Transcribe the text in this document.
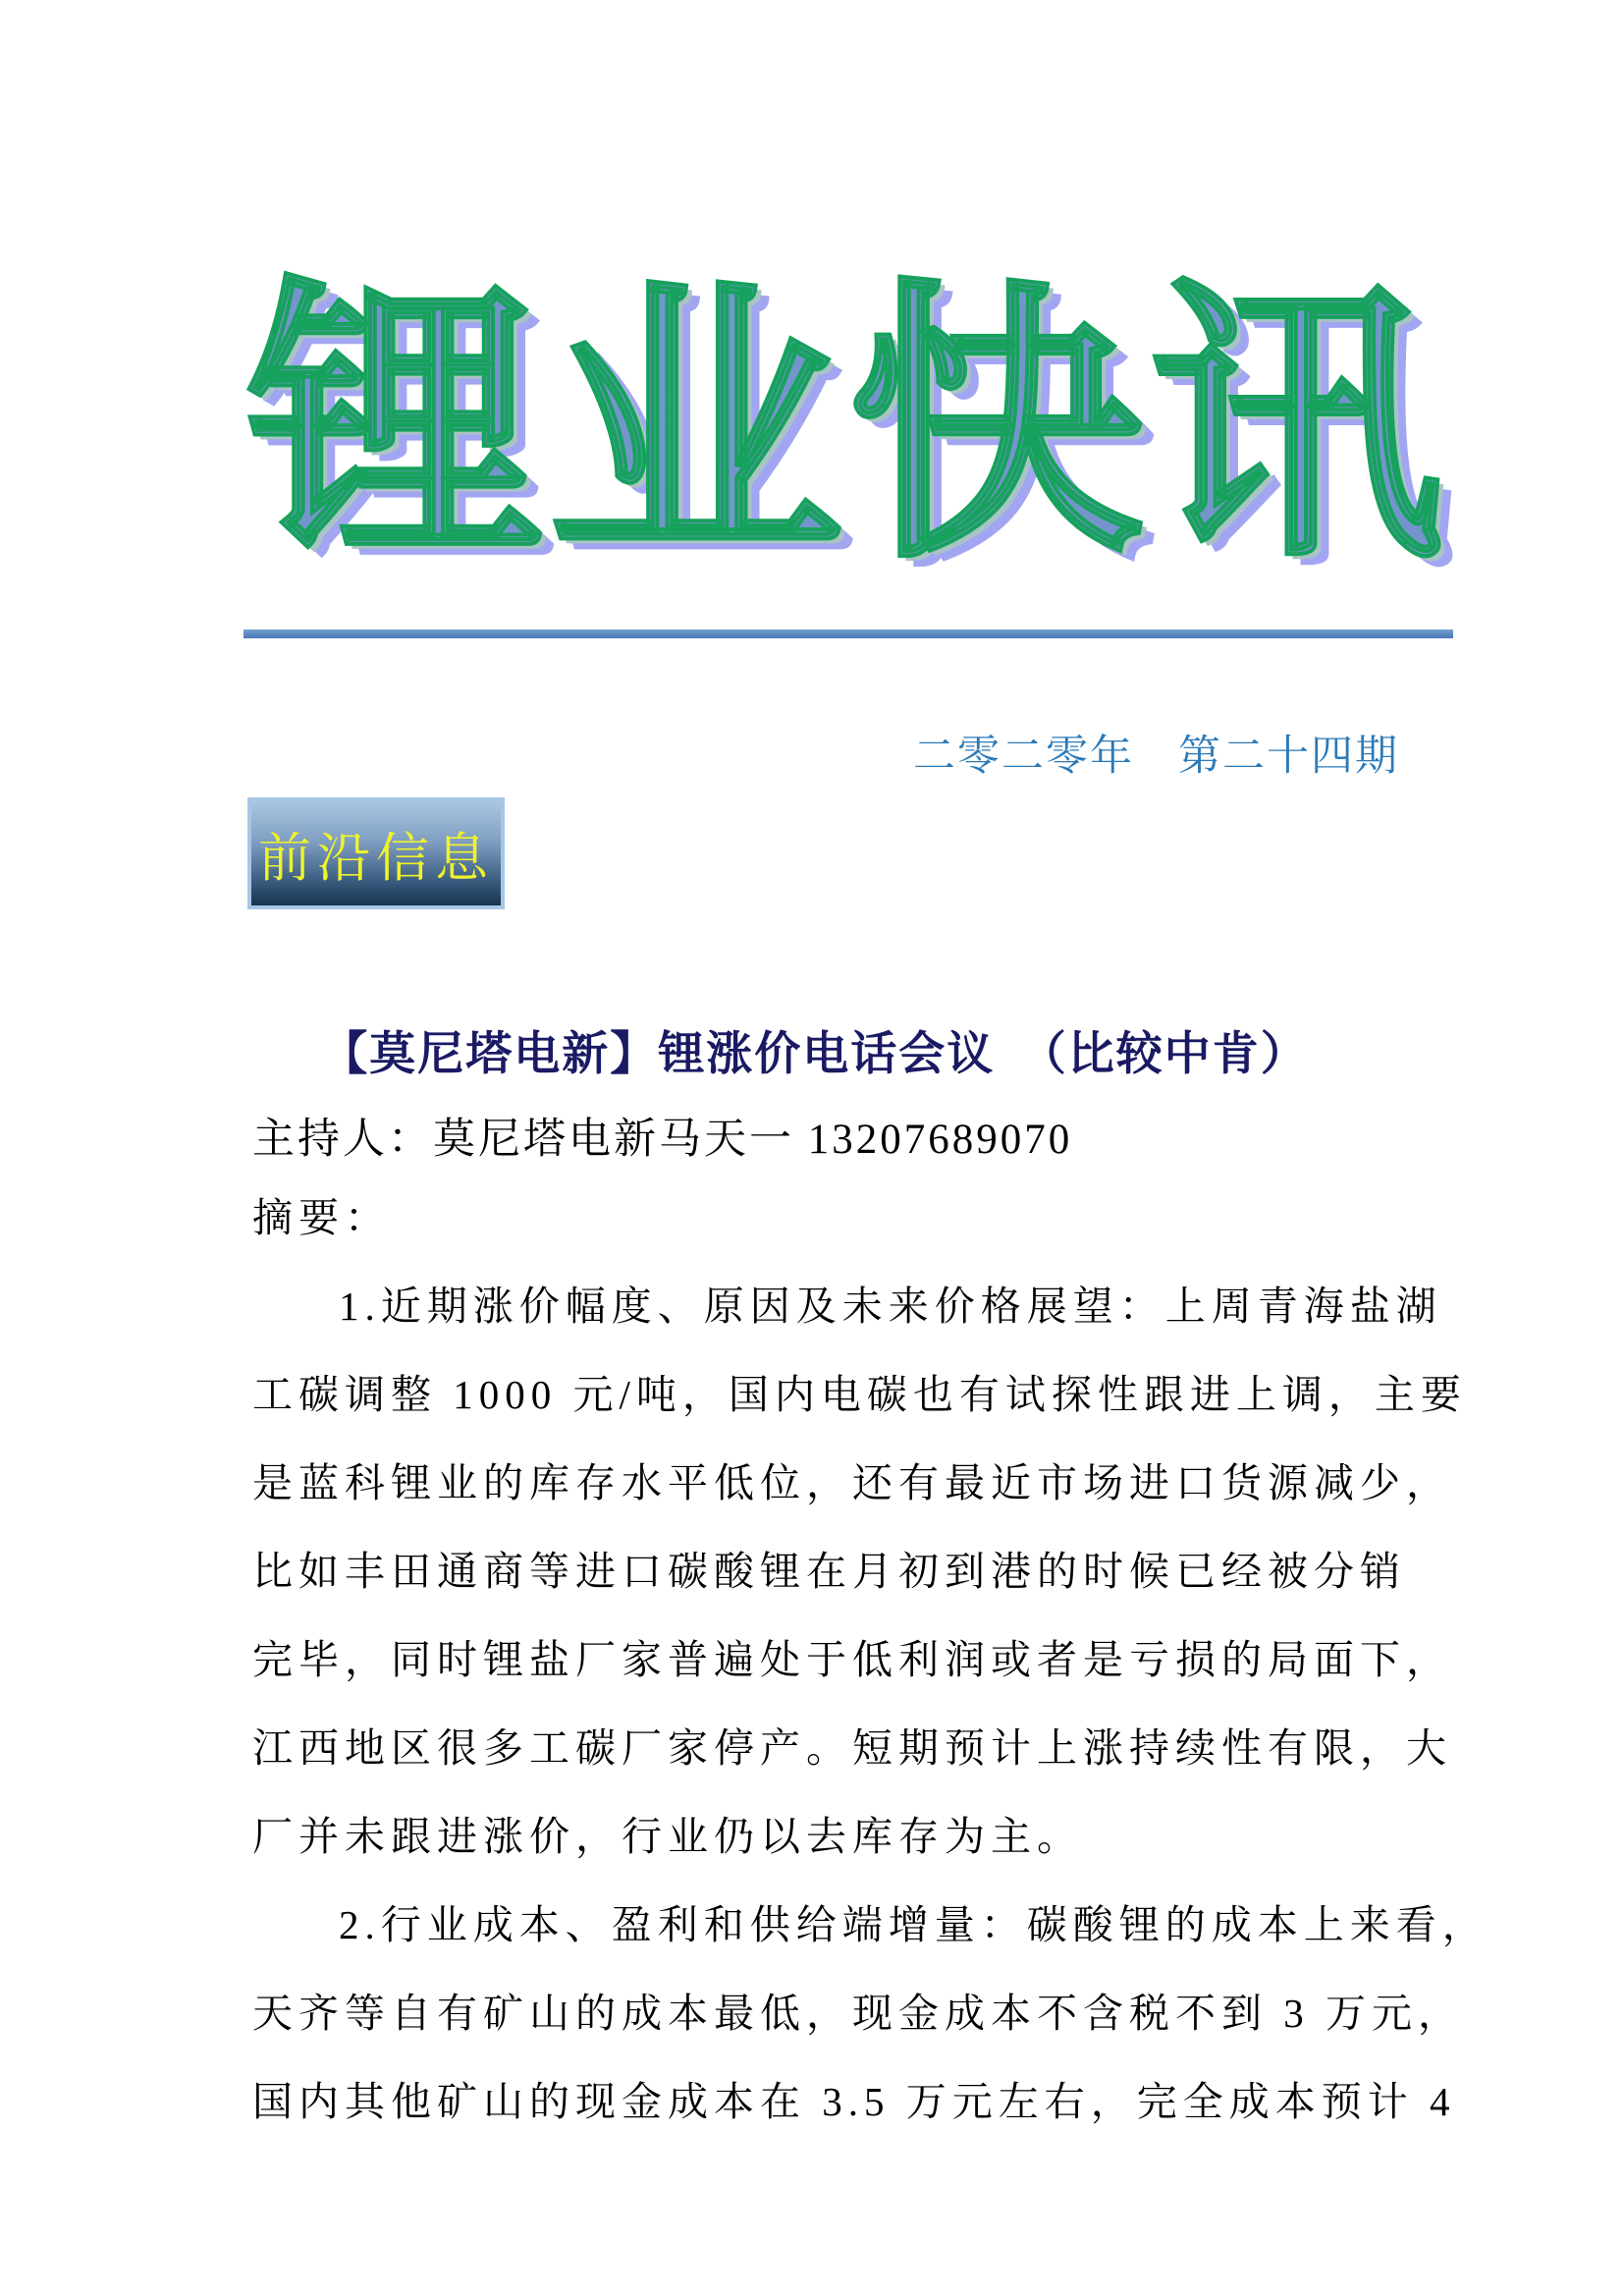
锂业快讯
二零二零年　第二十四期
前沿信息
【莫尼塔电新】锂涨价电话会议　（比较中肯）
主持人：莫尼塔电新马天一 13207689070
摘要：
1.近期涨价幅度、原因及未来价格展望：上周青海盐湖
工碳调整 1000 元/吨，国内电碳也有试探性跟进上调，主要
是蓝科锂业的库存水平低位，还有最近市场进口货源减少，
比如丰田通商等进口碳酸锂在月初到港的时候已经被分销
完毕，同时锂盐厂家普遍处于低利润或者是亏损的局面下，
江西地区很多工碳厂家停产。短期预计上涨持续性有限，大
厂并未跟进涨价，行业仍以去库存为主。
2.行业成本、盈利和供给端增量：碳酸锂的成本上来看，
天齐等自有矿山的成本最低，现金成本不含税不到 3 万元，
国内其他矿山的现金成本在 3.5 万元左右，完全成本预计 4
